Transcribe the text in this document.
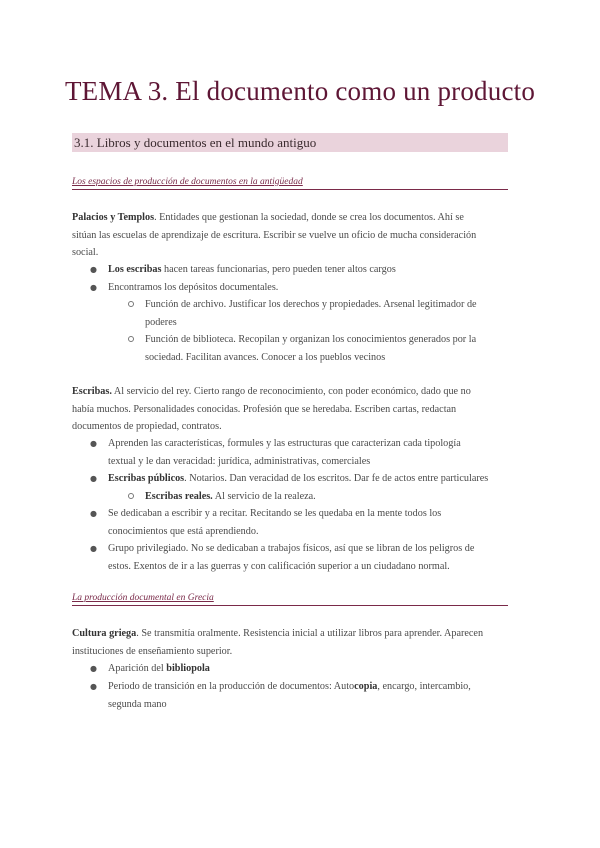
TEMA 3. El documento como un producto
3.1. Libros y documentos en el mundo antiguo
Los espacios de producción de documentos en la antigüedad
Palacios y Templos. Entidades que gestionan la sociedad, donde se crea los documentos. Ahí se
sitúan las escuelas de aprendizaje de escritura. Escribir se vuelve un oficio de mucha consideración
social.
● Los escribas hacen tareas funcionarias, pero pueden tener altos cargos
● Encontramos los depósitos documentales.
Función de archivo. Justificar los derechos y propiedades. Arsenal legitimador de
poderes
Función de biblioteca. Recopilan y organizan los conocimientos generados por la
sociedad. Facilitan avances. Conocer a los pueblos vecinos
Escribas. Al servicio del rey. Cierto rango de reconocimiento, con poder económico, dado que no
había muchos. Personalidades conocidas. Profesión que se heredaba. Escriben cartas, redactan
documentos de propiedad, contratos.
● Aprenden las características, formules y las estructuras que caracterizan cada tipología
textual y le dan veracidad: jurídica, administrativas, comerciales
● Escribas públicos. Notarios. Dan veracidad de los escritos. Dar fe de actos entre particulares
Escribas reales. Al servicio de la realeza.
● Se dedicaban a escribir y a recitar. Recitando se les quedaba en la mente todos los
conocimientos que está aprendiendo.
● Grupo privilegiado. No se dedicaban a trabajos físicos, así que se libran de los peligros de
estos. Exentos de ir a las guerras y con calificación superior a un ciudadano normal.
La producción documental en Grecia
Cultura griega. Se transmitía oralmente. Resistencia inicial a utilizar libros para aprender. Aparecen
instituciones de enseñamiento superior.
● Aparición del bibliopola
● Periodo de transición en la producción de documentos: Autocopia, encargo, intercambio,
segunda mano
